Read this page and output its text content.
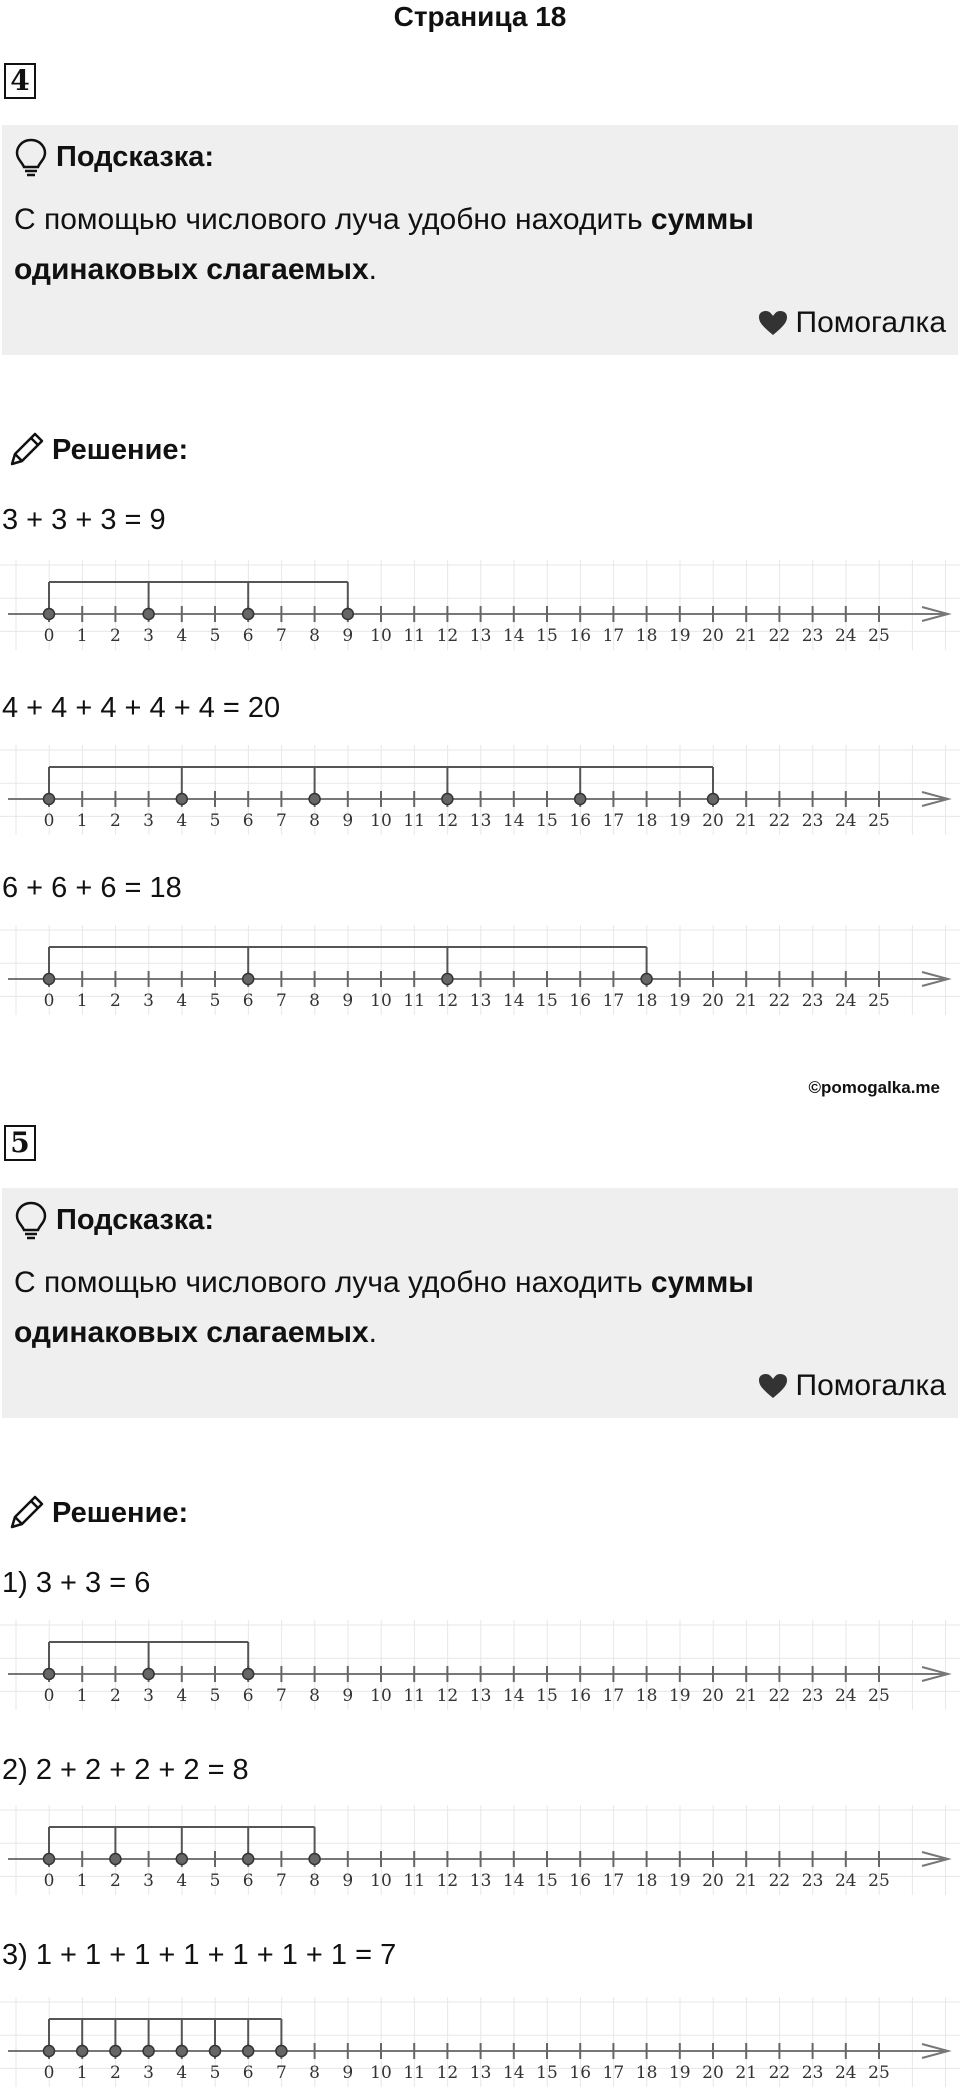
Страница 18
4
Подсказка:
С помощью числового луча удобно находить суммы одинаковых слагаемых.
Помогалка
Решение:
3 + 3 + 3 = 9
0 1 2 3 4 5 6 7 8 9 10 11 12 13 14 15 16 17 18 19 20 21 22 23 24 25
4 + 4 + 4 + 4 + 4 = 20
0 1 2 3 4 5 6 7 8 9 10 11 12 13 14 15 16 17 18 19 20 21 22 23 24 25
6 + 6 + 6 = 18
0 1 2 3 4 5 6 7 8 9 10 11 12 13 14 15 16 17 18 19 20 21 22 23 24 25
©pomogalka.me
5
Подсказка:
С помощью числового луча удобно находить суммы одинаковых слагаемых.
Помогалка
Решение:
1) 3 + 3 = 6
0 1 2 3 4 5 6 7 8 9 10 11 12 13 14 15 16 17 18 19 20 21 22 23 24 25
2) 2 + 2 + 2 + 2 = 8
0 1 2 3 4 5 6 7 8 9 10 11 12 13 14 15 16 17 18 19 20 21 22 23 24 25
3) 1 + 1 + 1 + 1 + 1 + 1 + 1 = 7
0 1 2 3 4 5 6 7 8 9 10 11 12 13 14 15 16 17 18 19 20 21 22 23 24 25
